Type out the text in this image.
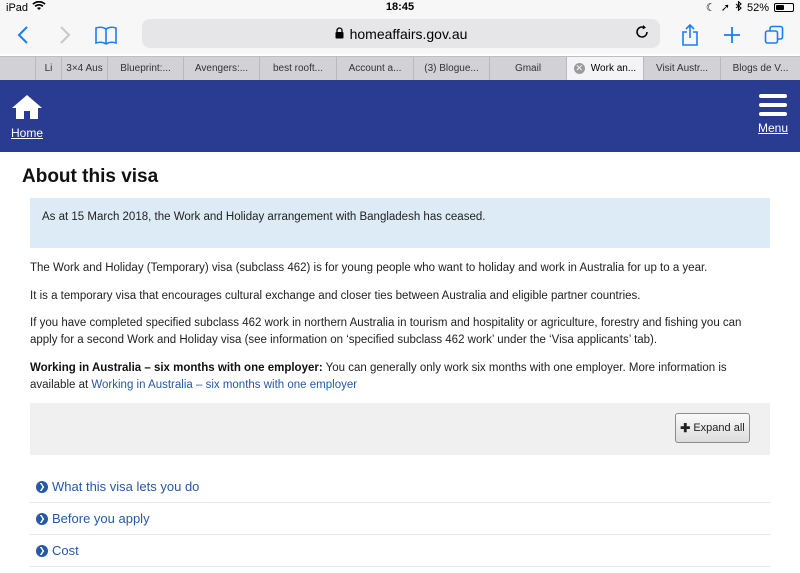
iPad	18:45	☾ ➚ 52%
homeaffairs.gov.au
Li 3×4 Aus Blueprint:... Avengers:... best rooft...	Account a... (3) Blogue...	Gmail	✕ Work an... Visit Austr... Blogs de V...
Home	Menu
About this visa
As at 15 March 2018, the Work and Holiday arrangement with Bangladesh has ceased.

The Work and Holiday (Temporary) visa (subclass 462) is for young people who want to holiday and work in Australia for up to a year.

It is a temporary visa that encourages cultural exchange and closer ties between Australia and eligible partner countries.

If you have completed specified subclass 462 work in northern Australia in tourism and hospitality or agriculture, forestry and fishing you can apply for a second Work and Holiday visa (see information on ‘specified subclass 462 work’ under the ‘Visa applicants’ tab).

Working in Australia – six months with one employer: You can generally only work six months with one employer. More information is available at Working in Australia – six months with one employer

✚ Expand all
❯ What this visa lets you do
❯ Before you apply
❯ Cost
